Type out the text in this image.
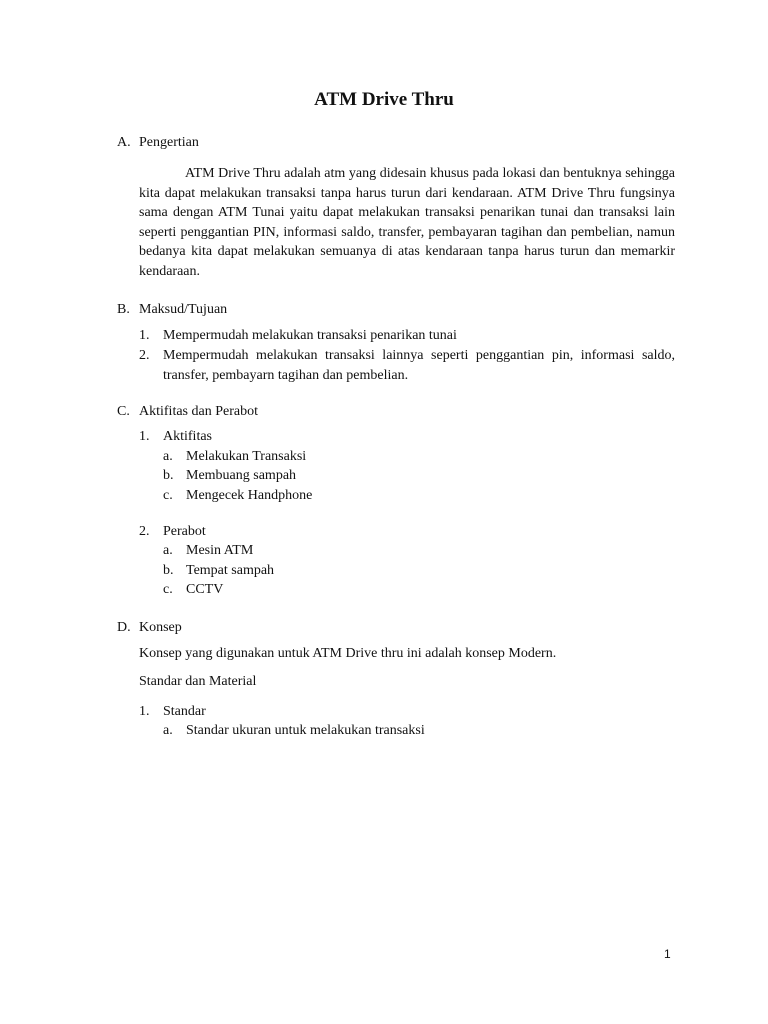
ATM Drive Thru
A. Pengertian
ATM Drive Thru adalah atm yang didesain khusus pada lokasi dan bentuknya sehingga kita dapat melakukan transaksi tanpa harus turun dari kendaraan. ATM Drive Thru fungsinya sama dengan ATM Tunai yaitu dapat melakukan transaksi penarikan tunai dan transaksi lain seperti penggantian PIN, informasi saldo, transfer, pembayaran tagihan dan pembelian, namun bedanya kita dapat melakukan semuanya di atas kendaraan tanpa harus turun dan memarkir kendaraan.
B. Maksud/Tujuan
1. Mempermudah melakukan transaksi penarikan tunai
2. Mempermudah melakukan transaksi lainnya seperti penggantian pin, informasi saldo, transfer, pembayarn tagihan dan pembelian.
C. Aktifitas dan Perabot
1. Aktifitas
a. Melakukan Transaksi
b. Membuang sampah
c. Mengecek Handphone
2. Perabot
a. Mesin ATM
b. Tempat sampah
c. CCTV
D. Konsep
Konsep yang digunakan untuk ATM Drive thru ini adalah konsep Modern.
Standar dan Material
1. Standar
a. Standar ukuran untuk melakukan transaksi
1
